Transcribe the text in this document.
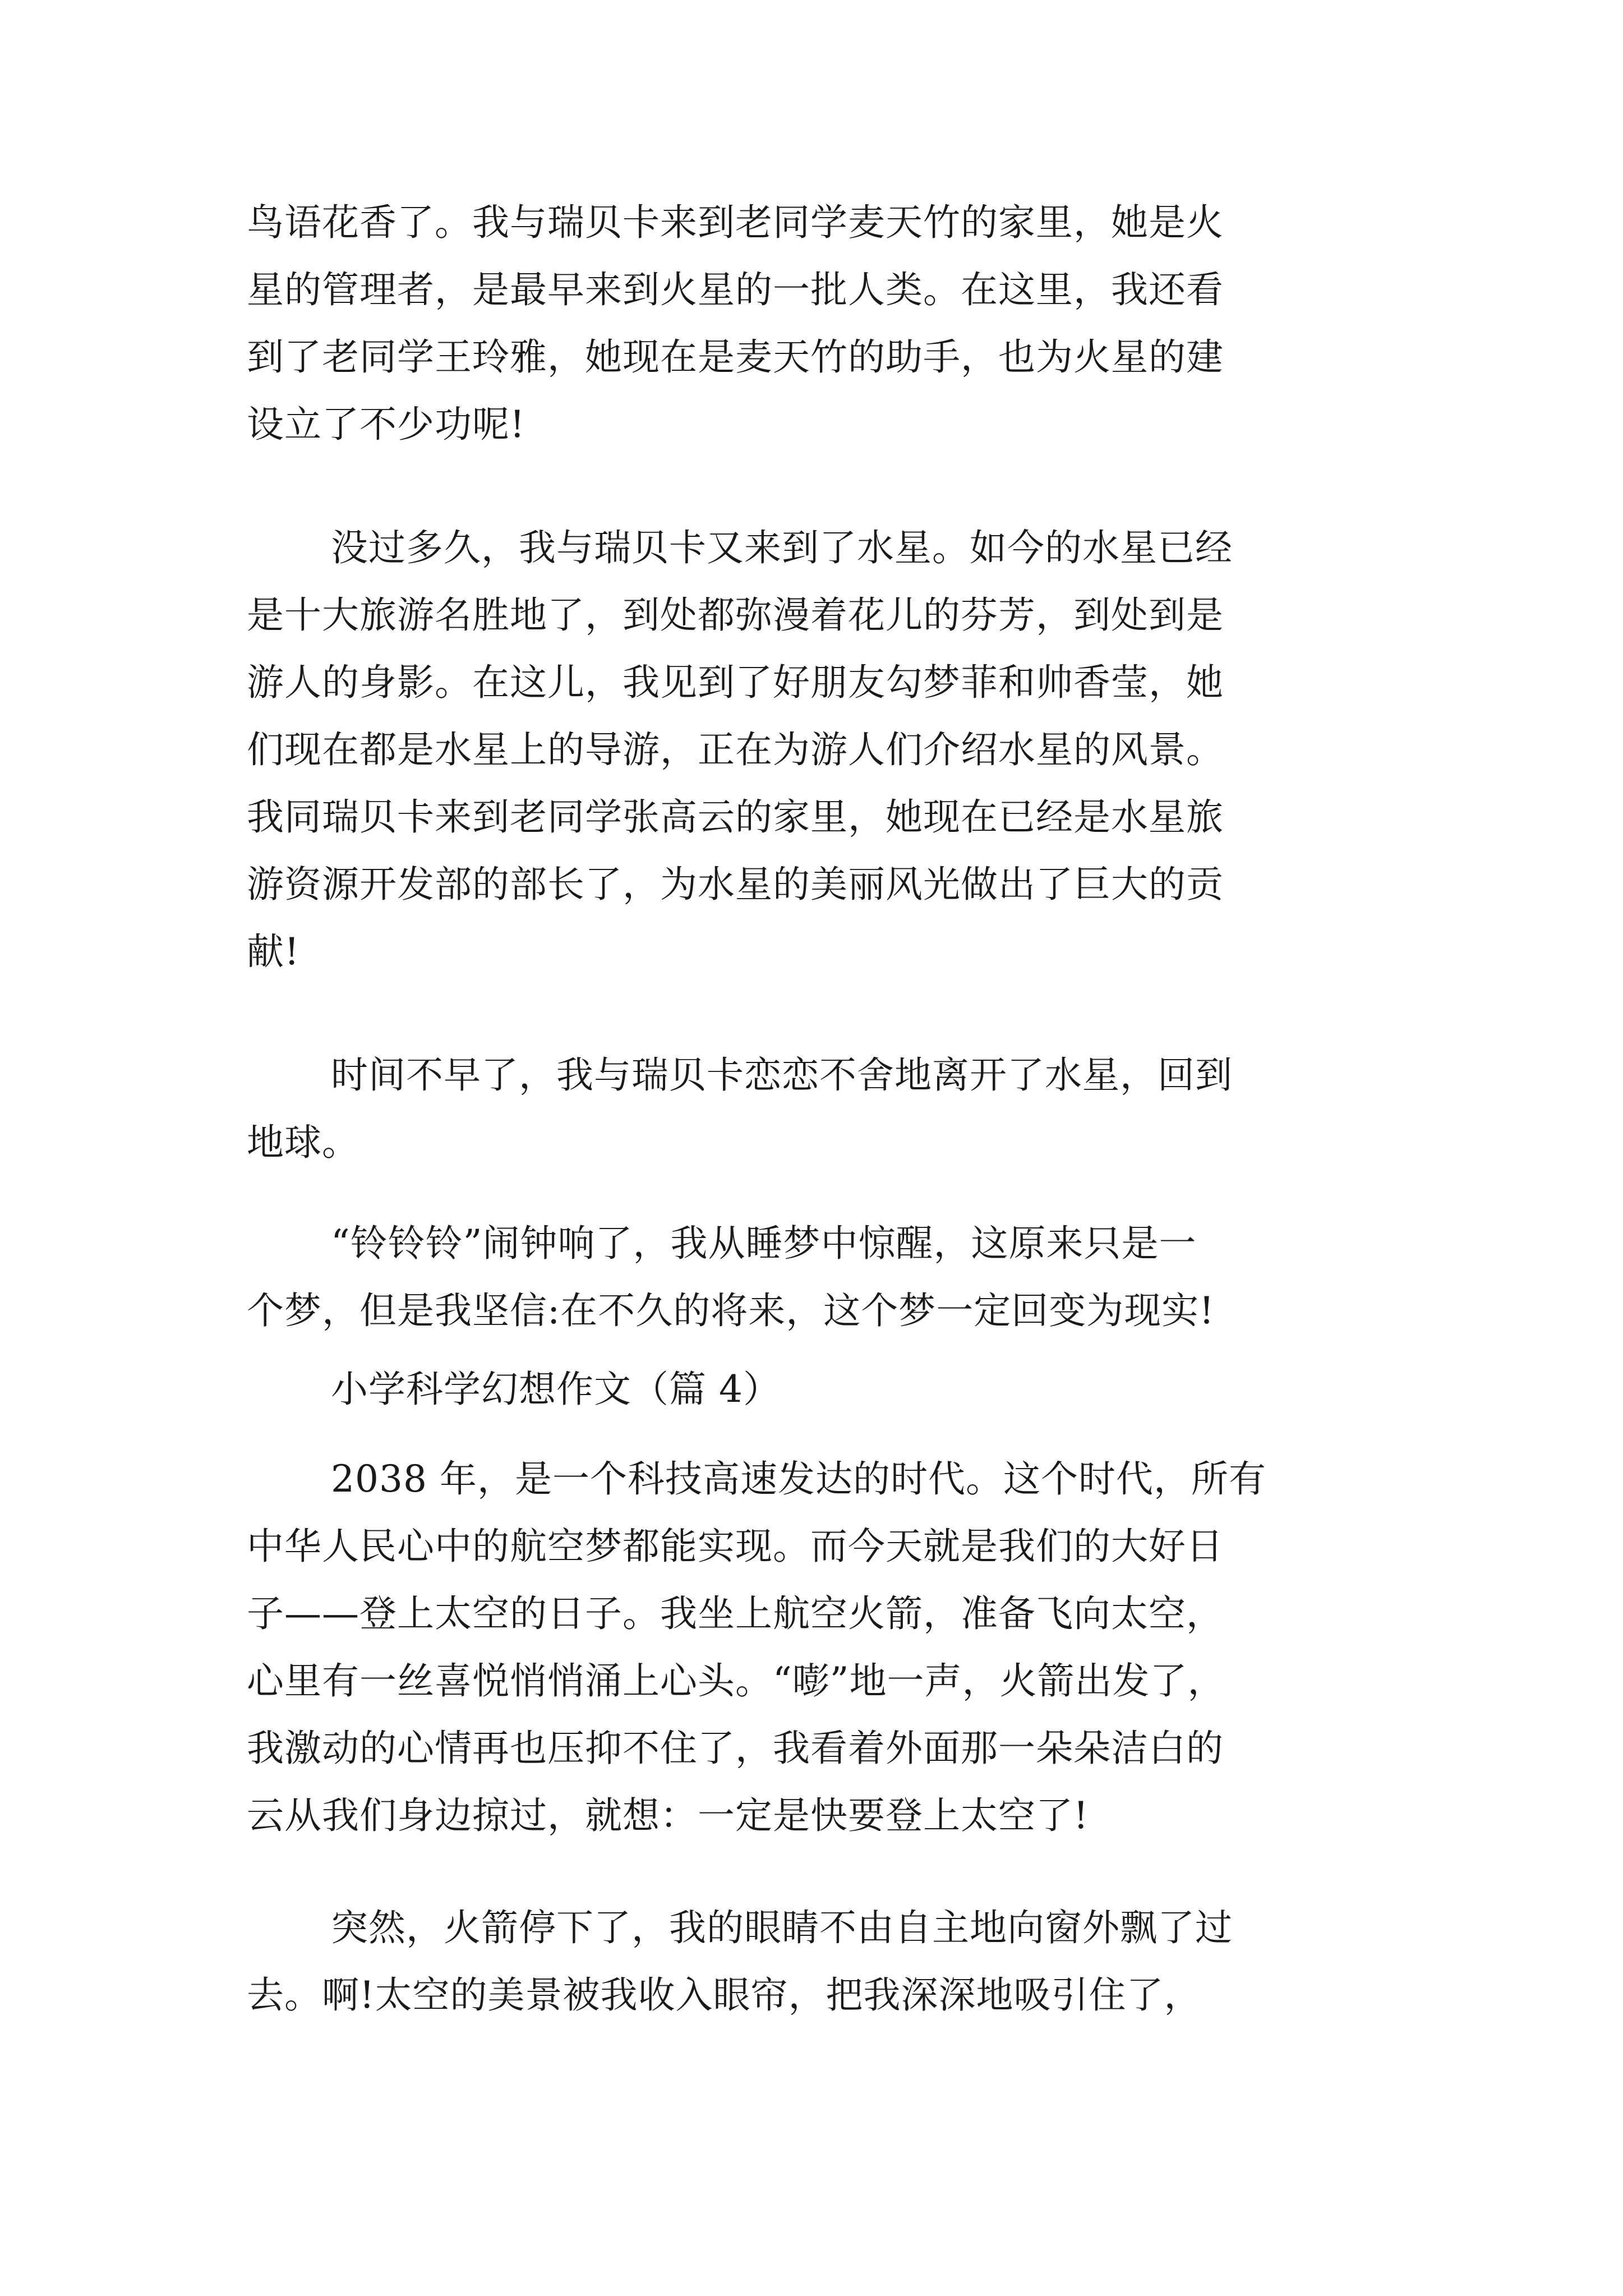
鸟语花香了。我与瑞贝卡来到老同学麦天竹的家里，她是火
星的管理者，是最早来到火星的一批人类。在这里，我还看
到了老同学王玲雅，她现在是麦天竹的助手，也为火星的建
设立了不少功呢!
没过多久，我与瑞贝卡又来到了水星。如今的水星已经
是十大旅游名胜地了，到处都弥漫着花儿的芬芳，到处到是
游人的身影。在这儿，我见到了好朋友勾梦菲和帅香莹，她
们现在都是水星上的导游，正在为游人们介绍水星的风景。
我同瑞贝卡来到老同学张高云的家里，她现在已经是水星旅
游资源开发部的部长了，为水星的美丽风光做出了巨大的贡
献!
时间不早了，我与瑞贝卡恋恋不舍地离开了水星，回到
地球。
“铃铃铃”闹钟响了，我从睡梦中惊醒，这原来只是一
个梦，但是我坚信:在不久的将来，这个梦一定回变为现实!
小学科学幻想作文（篇 4）
2038 年，是一个科技高速发达的时代。这个时代，所有
中华人民心中的航空梦都能实现。而今天就是我们的大好日
子——登上太空的日子。我坐上航空火箭，准备飞向太空，
心里有一丝喜悦悄悄涌上心头。“嘭”地一声，火箭出发了，
我激动的心情再也压抑不住了，我看着外面那一朵朵洁白的
云从我们身边掠过，就想：一定是快要登上太空了!
突然，火箭停下了，我的眼睛不由自主地向窗外飘了过
去。啊!太空的美景被我收入眼帘，把我深深地吸引住了，
